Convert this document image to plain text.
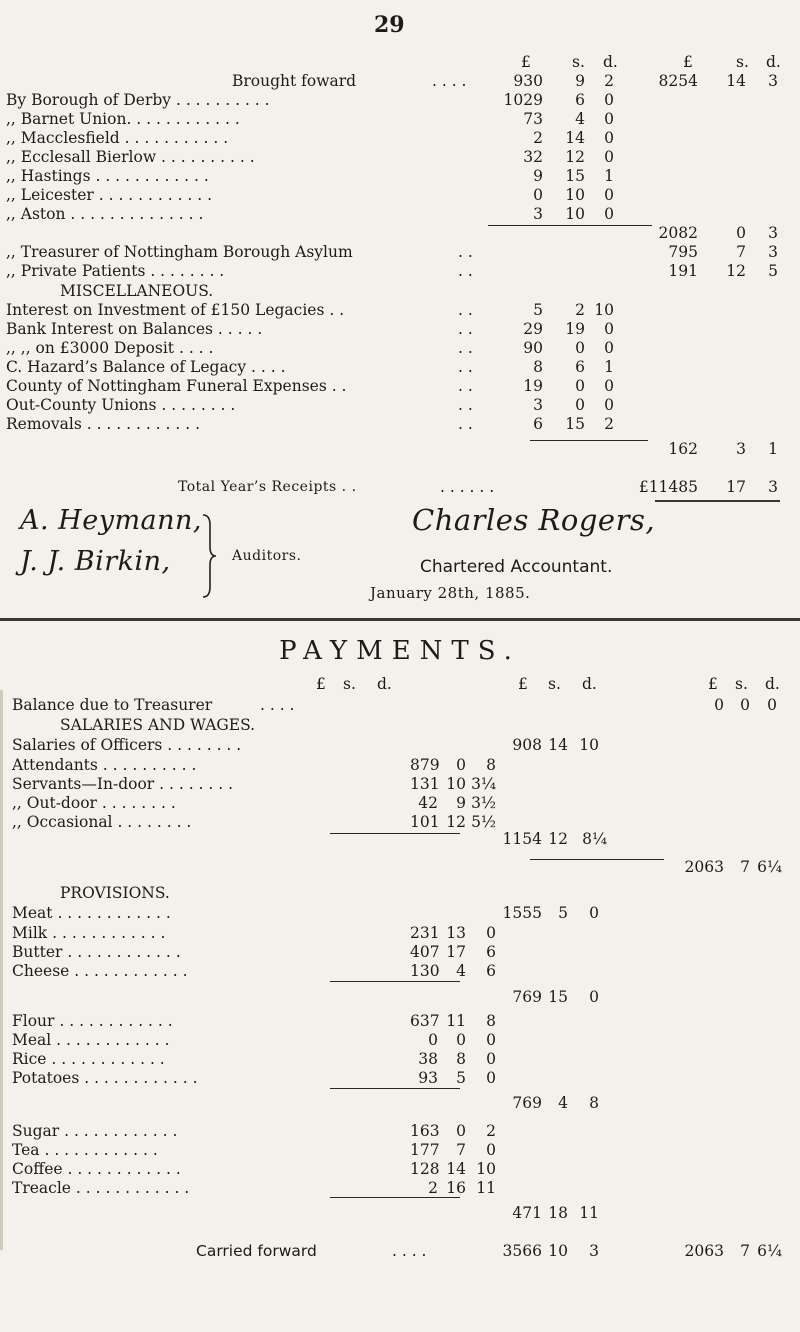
29
£	s. d.	£	s. d.
Brought foward	. . . .	930	9	2	8254	14	3
By Borough of Derby . . . . . . . . . .	1029	6	0
,, Barnet Union. . . . . . . . . . . .	73	4	0
,, Macclesfield . . . . . . . . . . .	2	14	0
,, Ecclesall Bierlow . . . . . . . . . .	32	12	0
,, Hastings . . . . . . . . . . . .	9	15	1
,, Leicester . . . . . . . . . . . .	0	10	0
,, Aston . . . . . . . . . . . . . .	3	10	0
2082	0	3
,, Treasurer of Nottingham Borough Asylum	. .	795	7	3
,, Private Patients . . . . . . . .	. .	191	12	5
MISCELLANEOUS.
Interest on Investment of £150 Legacies . .	. .	5	2 10
Bank Interest on Balances . . . . .	. .	29	19	0
,, ,, on £3000 Deposit . . . .	. .	90	0	0
C. Hazard’s Balance of Legacy . . . .	. .	8	6	1
County of Nottingham Funeral Expenses . .	. .	19	0	0
Out-County Unions . . . . . . . .	. .	3	0	0
Removals . . . . . . . . . . . .	. .	6	15	2
162	3	1
Total Year’s Receipts . .	. . . . . .	£11485	17	3
A. Heymann,
J. J. Birkin,	Auditors.
Charles Rogers,
Chartered Accountant.
January 28th, 1885.
PAYMENTS.
£ s. d.	£ s. d.	£ s. d.
Balance due to Treasurer	. . . .	0	0	0
SALARIES AND WAGES.
Salaries of Officers . . . . . . . .	908 14 10
Attendants . . . . . . . . . .	879	0	8
Servants—In-door . . . . . . . .	131 10 3¼
,, Out-door . . . . . . . .	42	9 3½
,, Occasional . . . . . . . .	101 12 5½
1154 12 8¼
2063	7 6¼
PROVISIONS.
Meat . . . . . . . . . . . .	1555	5	0
Milk . . . . . . . . . . . .	231 13	0
Butter . . . . . . . . . . . .	407 17	6
Cheese . . . . . . . . . . . .	130	4	6
769 15	0
Flour . . . . . . . . . . . .	637 11	8
Meal . . . . . . . . . . . .	0	0	0
Rice . . . . . . . . . . . .	38	8	0
Potatoes . . . . . . . . . . . .	93	5	0
769	4	8
Sugar . . . . . . . . . . . .	163	0	2
Tea . . . . . . . . . . . .	177	7	0
Coffee . . . . . . . . . . . .	128 14 10
Treacle . . . . . . . . . . . .	2 16 11
471 18 11
Carried forward	. . . .	3566 10	3	2063	7 6¼
